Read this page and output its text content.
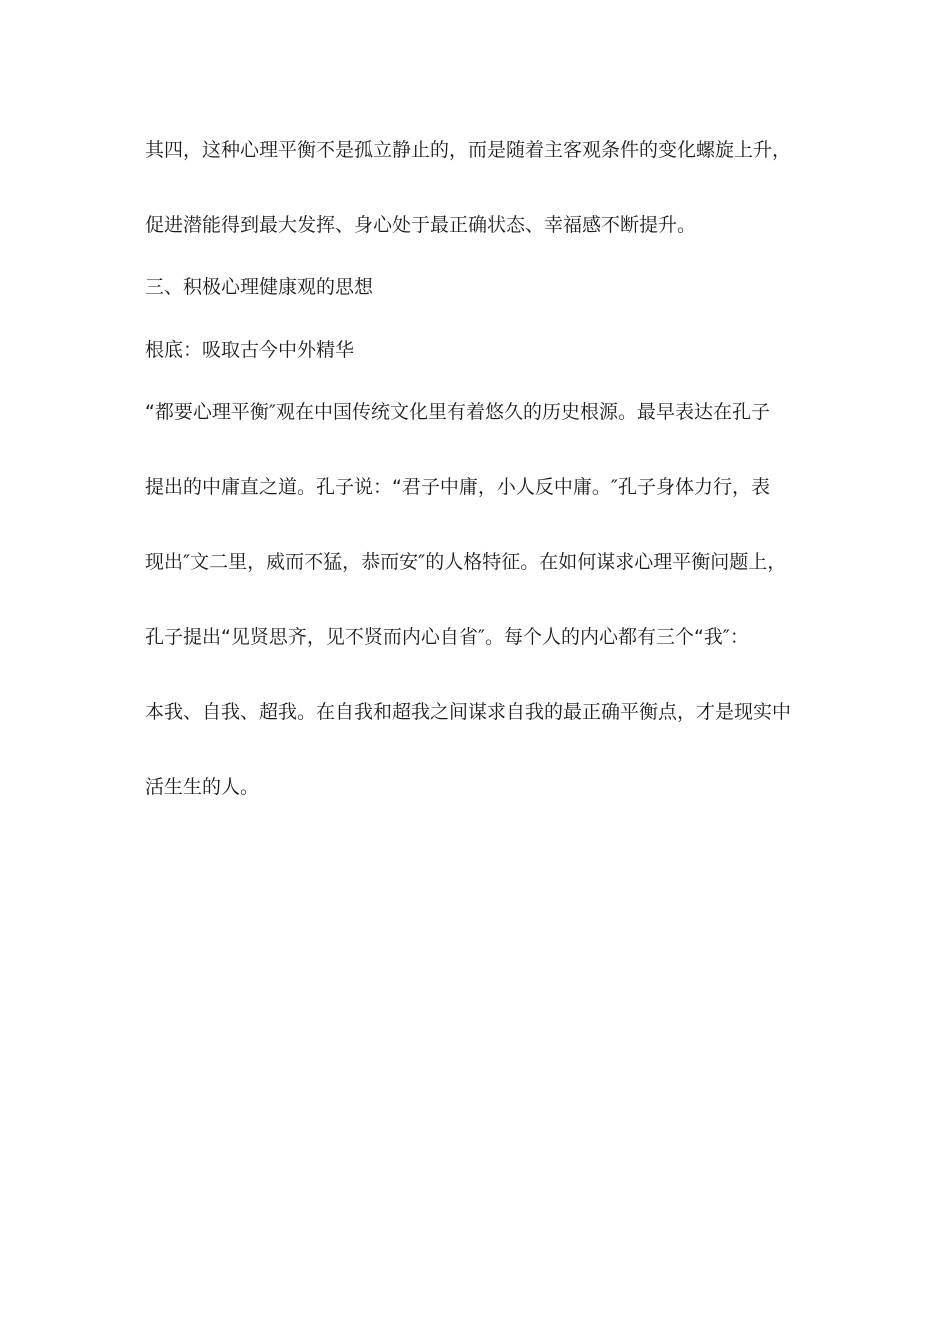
其四，这种心理平衡不是孤立静止的，而是随着主客观条件的变化螺旋上升，
促进潜能得到最大发挥、身心处于最正确状态、幸福感不断提升。
三、积极心理健康观的思想
根底：吸取古今中外精华
“都要心理平衡″观在中国传统文化里有着悠久的历史根源。最早表达在孔子
提出的中庸直之道。孔子说：“君子中庸，小人反中庸。″孔子身体力行，表
现出″文二里，威而不猛，恭而安″的人格特征。在如何谋求心理平衡问题上，
孔子提出“见贤思齐，见不贤而内心自省″。每个人的内心都有三个“我″：
本我、自我、超我。在自我和超我之间谋求自我的最正确平衡点，才是现实中
活生生的人。
